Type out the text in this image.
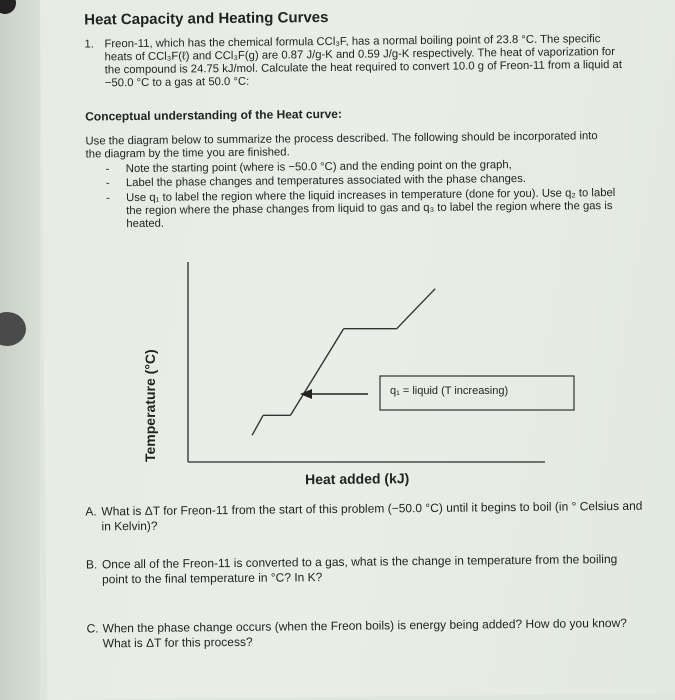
Heat Capacity and Heating Curves
1. Freon-11, which has the chemical formula CCl₃F, has a normal boiling point of 23.8 °C. The specific heats of CCl₃F(ℓ) and CCl₃F(g) are 0.87 J/g-K and 0.59 J/g-K respectively. The heat of vaporization for the compound is 24.75 kJ/mol. Calculate the heat required to convert 10.0 g of Freon-11 from a liquid at −50.0 °C to a gas at 50.0 °C:
Conceptual understanding of the Heat curve:
Use the diagram below to summarize the process described. The following should be incorporated into the diagram by the time you are finished.
- Note the starting point (where is −50.0 °C) and the ending point on the graph,
- Label the phase changes and temperatures associated with the phase changes.
- Use q₁ to label the region where the liquid increases in temperature (done for you). Use q₂ to label the region where the phase changes from liquid to gas and q₃ to label the region where the gas is heated.
Heat added (kJ)
A. What is ΔT for Freon-11 from the start of this problem (−50.0 °C) until it begins to boil (in ° Celsius and in Kelvin)?
B. Once all of the Freon-11 is converted to a gas, what is the change in temperature from the boiling point to the final temperature in °C? In K?
C. When the phase change occurs (when the Freon boils) is energy being added? How do you know? What is ΔT for this process?
Temperature (°C)	q₁ = liquid (T increasing)
